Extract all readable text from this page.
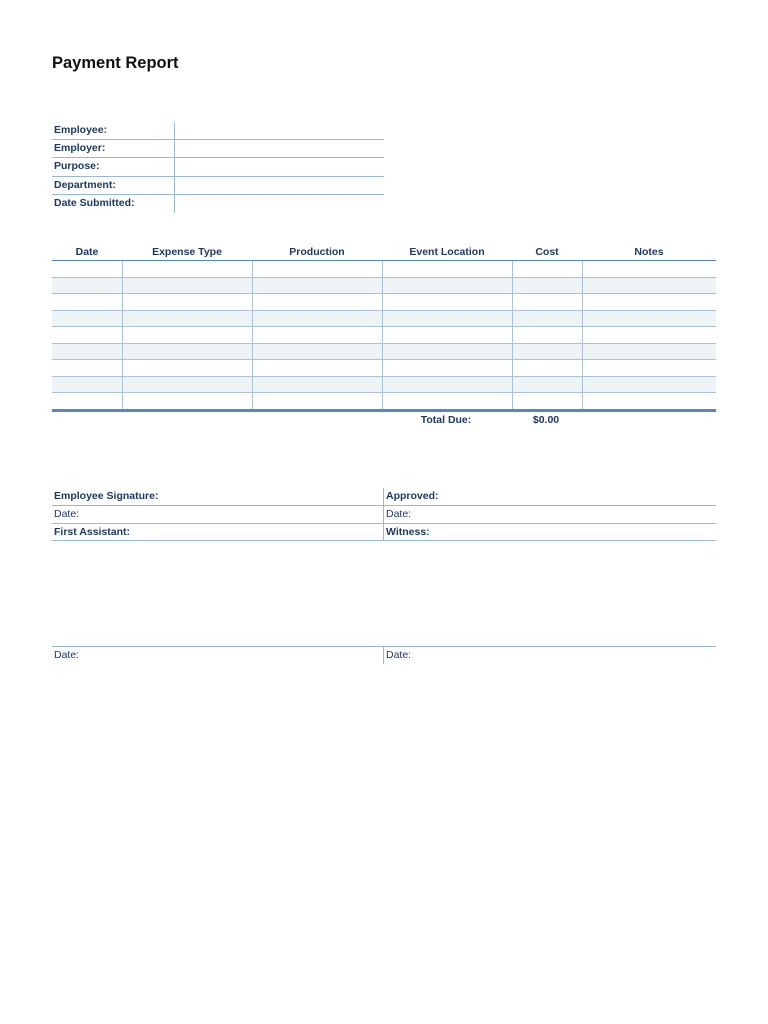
Payment Report
Employee:
Employer:
Purpose:
Department:
Date Submitted:
Date	Expense Type	Production	Event Location	Cost	Notes

Total Due:	$0.00
Employee Signature:	Approved:
Date:	Date:
First Assistant:	Witness:
Date:	Date:
